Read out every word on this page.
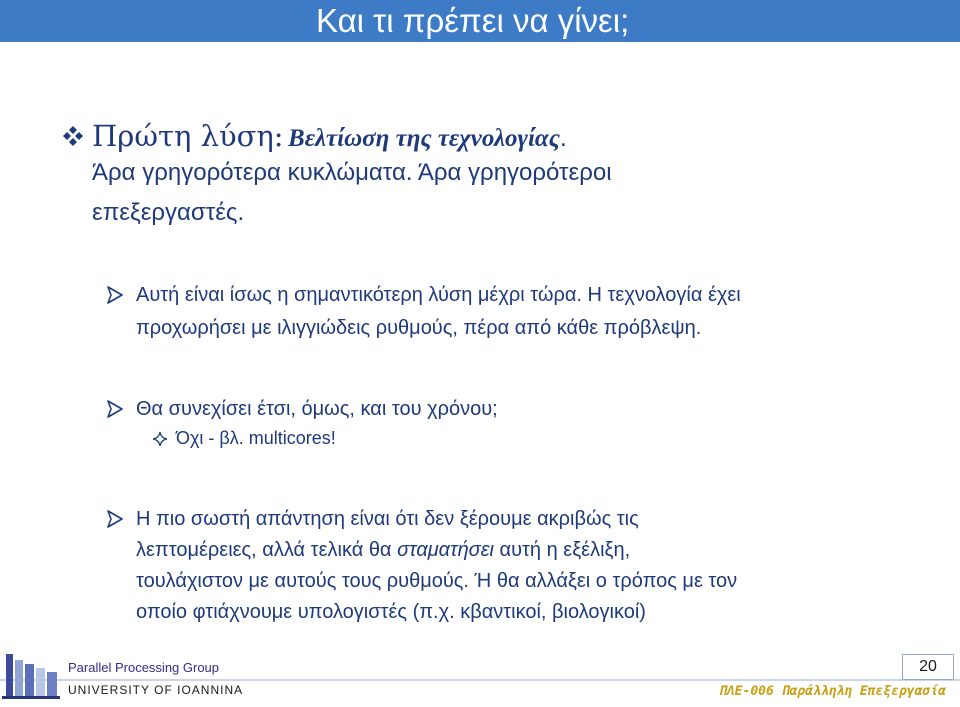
Και τι πρέπει να γίνει;
Πρώτη λύση: Βελτίωση της τεχνολογίας.
Άρα γρηγορότερα κυκλώματα. Άρα γρηγορότεροι
επεξεργαστές.
Αυτή είναι ίσως η σημαντικότερη λύση μέχρι τώρα. Η τεχνολογία έχει
προχωρήσει με ιλιγγιώδεις ρυθμούς, πέρα από κάθε πρόβλεψη.
Θα συνεχίσει έτσι, όμως, και του χρόνου;
Όχι - βλ. multicores!
Η πιο σωστή απάντηση είναι ότι δεν ξέρουμε ακριβώς τις
λεπτομέρειες, αλλά τελικά θα σταματήσει αυτή η εξέλιξη,
τουλάχιστον με αυτούς τους ρυθμούς. Ή θα αλλάξει ο τρόπος με τον
οποίο φτιάχνουμε υπολογιστές (π.χ. κβαντικοί, βιολογικοί)
Parallel Processing Group
UNIVERSITY OF IOANNINA
20
ΠΛΕ-006 Παράλληλη Επεξεργασία
